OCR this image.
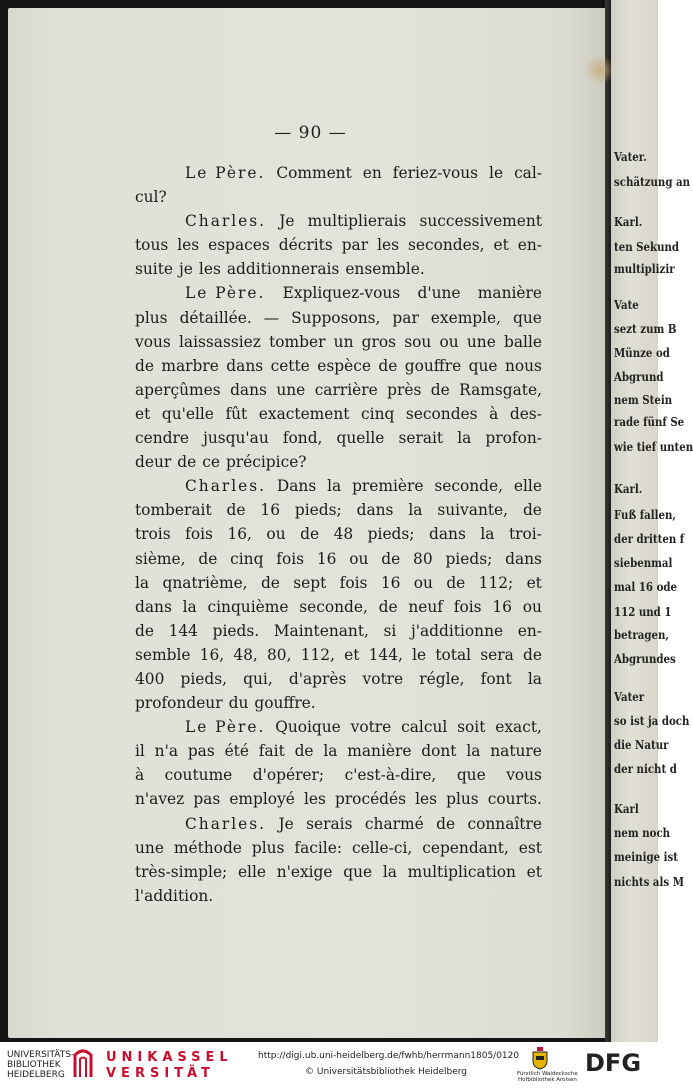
— 90 —
Le Père. Comment en feriez-vous le cal-
cul?
Charles. Je multiplierais successivement
tous les espaces décrits par les secondes, et en-
suite je les additionnerais ensemble.
Le Père. Expliquez-vous d'une manière
plus détaillée. — Supposons, par exemple, que
vous laissassiez tomber un gros sou ou une balle
de marbre dans cette espèce de gouffre que nous
aperçûmes dans une carrière près de Ramsgate,
et qu'elle fût exactement cinq secondes à des-
cendre jusqu'au fond, quelle serait la profon-
deur de ce précipice?
Charles. Dans la première seconde, elle
tomberait de 16 pieds; dans la suivante, de
trois fois 16, ou de 48 pieds; dans la troi-
sième, de cinq fois 16 ou de 80 pieds; dans
la qnatrième, de sept fois 16 ou de 112; et
dans la cinquième seconde, de neuf fois 16 ou
de 144 pieds. Maintenant, si j'additionne en-
semble 16, 48, 80, 112, et 144, le total sera de
400 pieds, qui, d'après votre régle, font la
profondeur du gouffre.
Le Père. Quoique votre calcul soit exact,
il n'a pas été fait de la manière dont la nature
à coutume d'opérer; c'est-à-dire, que vous
n'avez pas employé les procédés les plus courts.
Charles. Je serais charmé de connaître
une méthode plus facile: celle-ci, cependant, est
très-simple; elle n'exige que la multiplication et
l'addition.
Vater.
schätzung an
Karl.
ten Sekund
multiplizir
Vate
sezt zum B
Münze od
Abgrund
nem Stein
rade fünf Se
wie tief unten
Karl.
Fuß fallen,
der dritten f
siebenmal
mal 16 ode
112 und 1
betragen,
Abgrundes
Vater
so ist ja doch
die Natur
der nicht d
Karl
nem noch
meinige ist
nichts als M
UNIVERSITÄTS-
BIBLIOTHEK
HEIDELBERG
UNIKASSEL
VERSITÄT
http://digi.ub.uni-heidelberg.de/fwhb/herrmann1805/0120
© Universitätsbibliothek Heidelberg	Fürstlich Waldecksche
Hofbibliothek Arolsen
DFG
